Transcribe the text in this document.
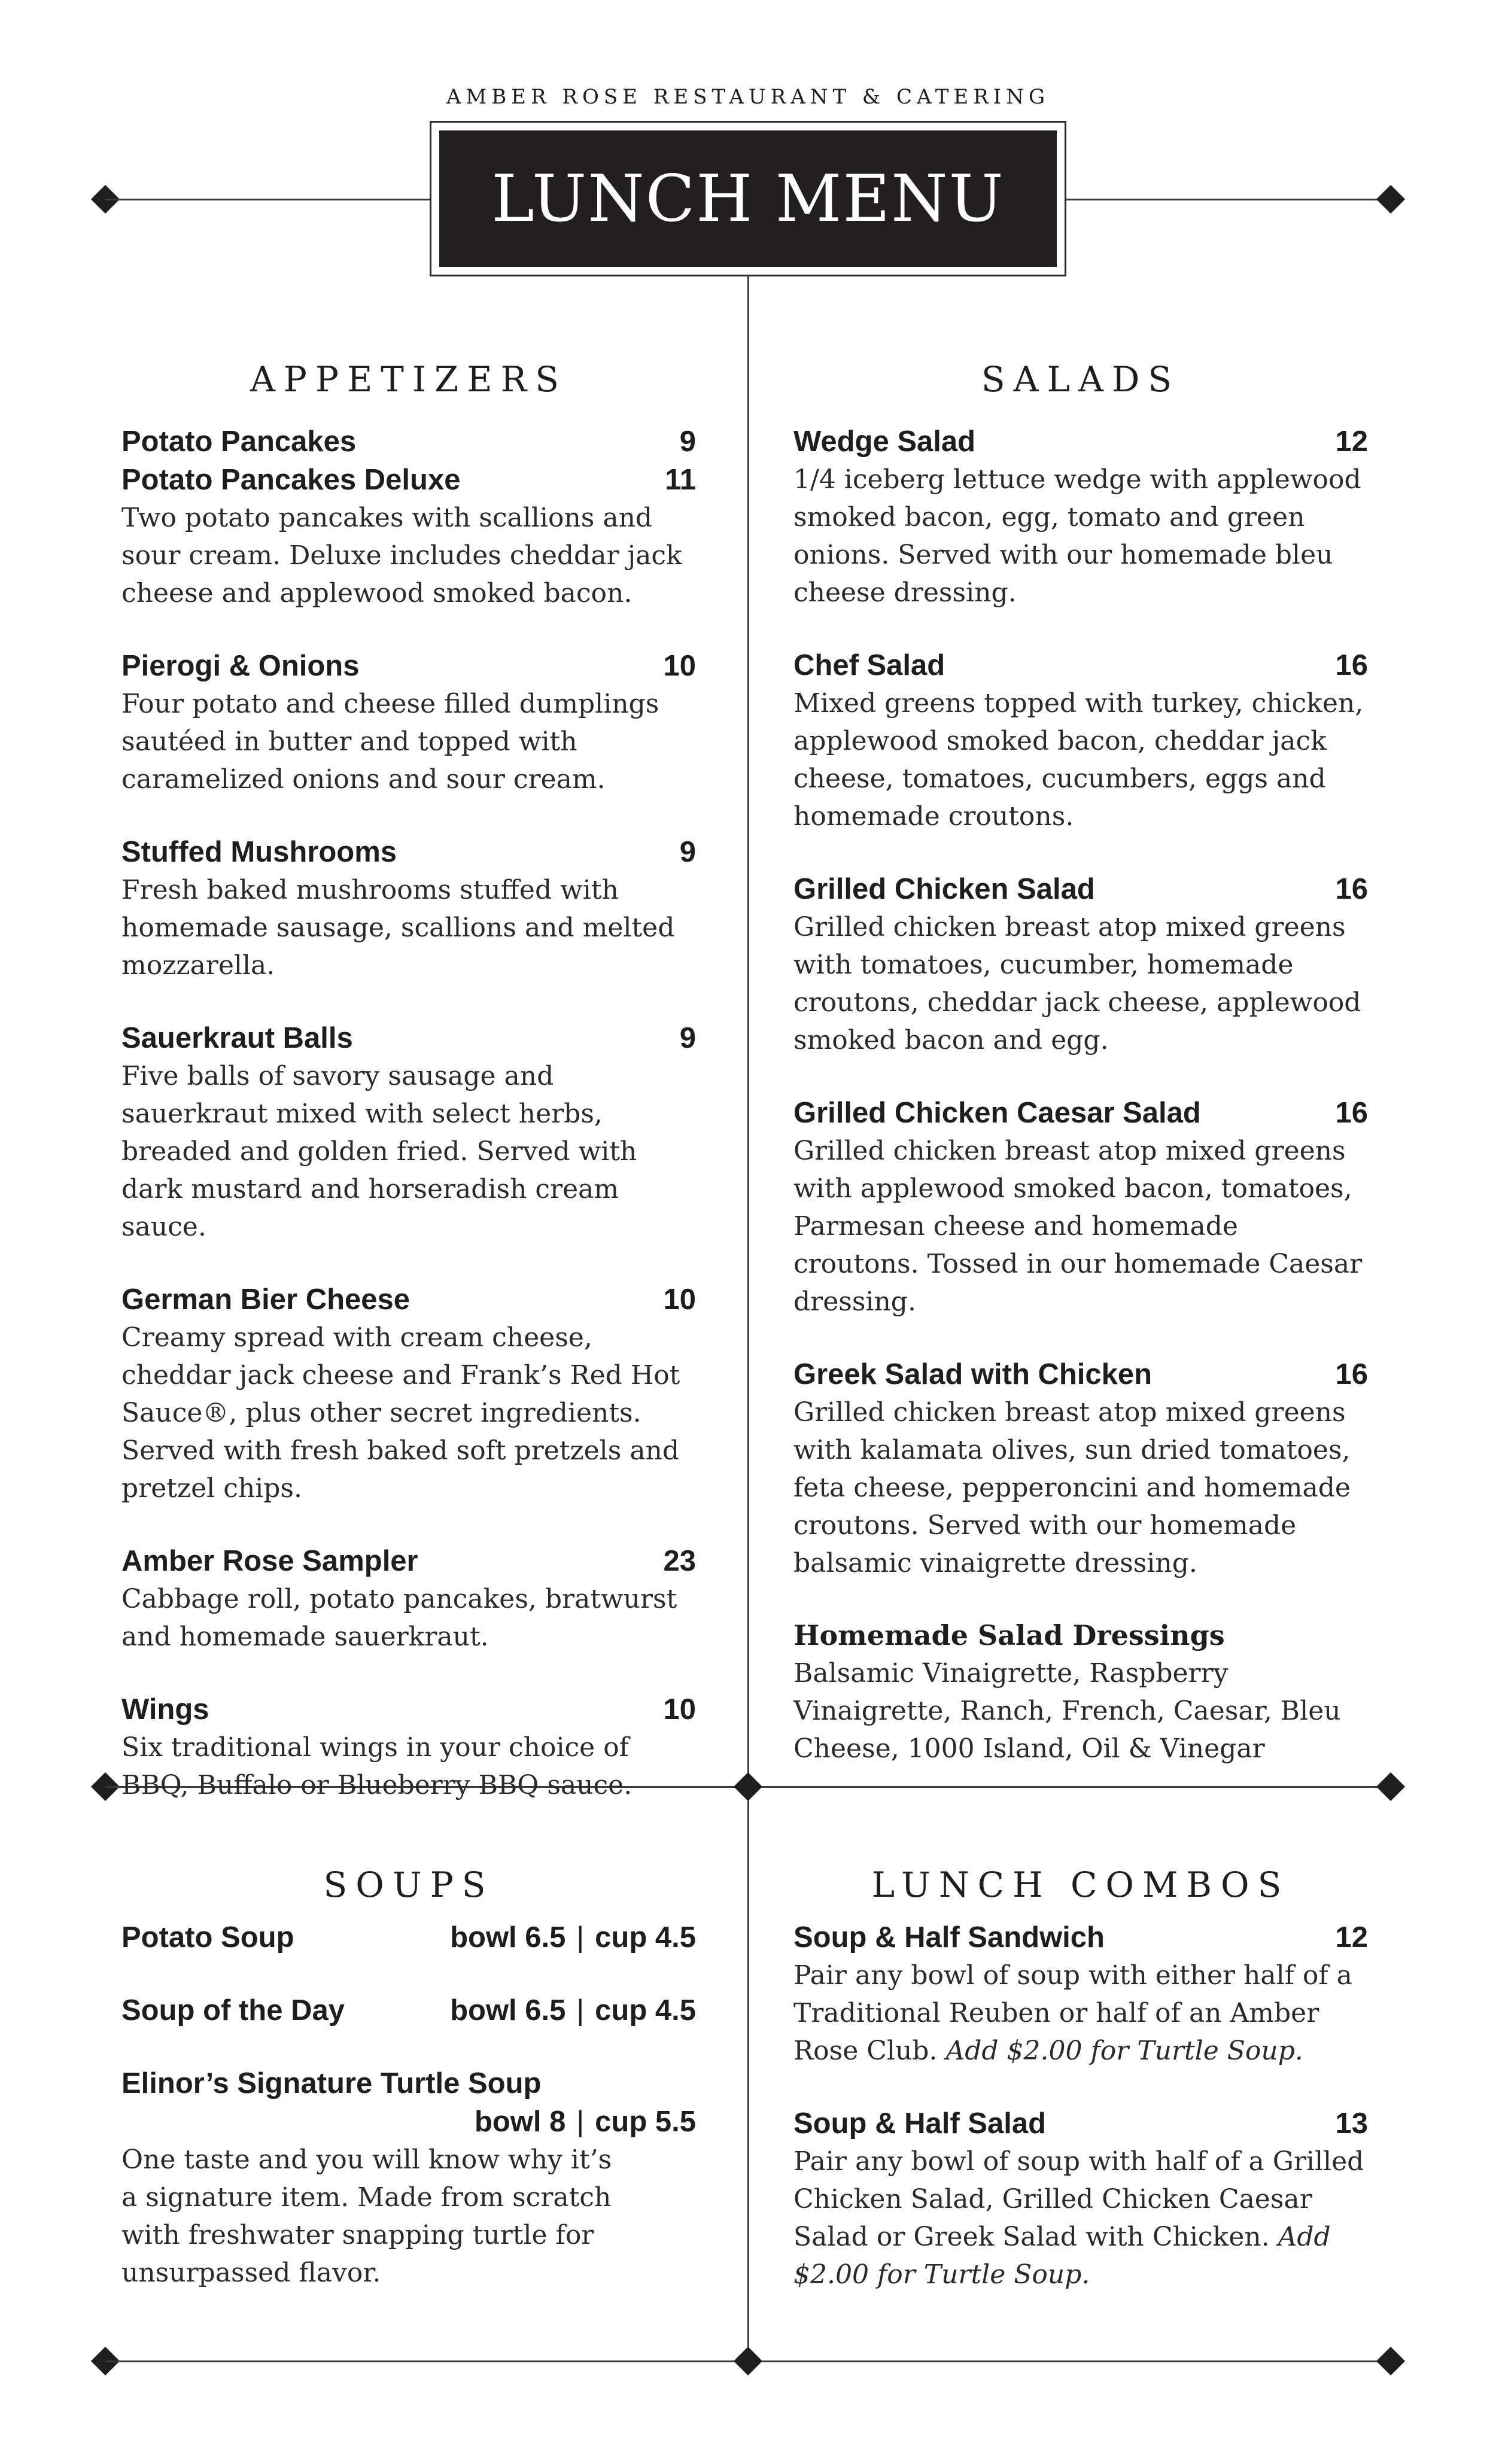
AMBER ROSE RESTAURANT & CATERING
LUNCH MENU
APPETIZERS
Potato Pancakes	9
Potato Pancakes Deluxe	11
Two potato pancakes with scallions and sour cream. Deluxe includes cheddar jack cheese and applewood smoked bacon.
Pierogi & Onions	10
Four potato and cheese filled dumplings sautéed in butter and topped with caramelized onions and sour cream.
Stuffed Mushrooms	9
Fresh baked mushrooms stuffed with homemade sausage, scallions and melted mozzarella.
Sauerkraut Balls	9
Five balls of savory sausage and sauerkraut mixed with select herbs, breaded and golden fried. Served with dark mustard and horseradish cream sauce.
German Bier Cheese	10
Creamy spread with cream cheese, cheddar jack cheese and Frank’s Red Hot Sauce®, plus other secret ingredients. Served with fresh baked soft pretzels and pretzel chips.
Amber Rose Sampler	23
Cabbage roll, potato pancakes, bratwurst and homemade sauerkraut.
Wings	10
Six traditional wings in your choice of BBQ, Buffalo or Blueberry BBQ sauce.
SALADS
Wedge Salad	12
1/4 iceberg lettuce wedge with applewood smoked bacon, egg, tomato and green onions. Served with our homemade bleu cheese dressing.
Chef Salad	16
Mixed greens topped with turkey, chicken, applewood smoked bacon, cheddar jack cheese, tomatoes, cucumbers, eggs and homemade croutons.
Grilled Chicken Salad	16
Grilled chicken breast atop mixed greens with tomatoes, cucumber, homemade croutons, cheddar jack cheese, applewood smoked bacon and egg.
Grilled Chicken Caesar Salad	16
Grilled chicken breast atop mixed greens with applewood smoked bacon, tomatoes, Parmesan cheese and homemade croutons. Tossed in our homemade Caesar dressing.
Greek Salad with Chicken	16
Grilled chicken breast atop mixed greens with kalamata olives, sun dried tomatoes, feta cheese, pepperoncini and homemade croutons. Served with our homemade balsamic vinaigrette dressing.
Homemade Salad Dressings
Balsamic Vinaigrette, Raspberry Vinaigrette, Ranch, French, Caesar, Bleu Cheese, 1000 Island, Oil & Vinegar
SOUPS
Potato Soup	bowl 6.5 | cup 4.5
Soup of the Day	bowl 6.5 | cup 4.5
Elinor’s Signature Turtle Soup
bowl 8 | cup 5.5
One taste and you will know why it’s a signature item. Made from scratch with freshwater snapping turtle for unsurpassed flavor.
LUNCH COMBOS
Soup & Half Sandwich	12
Pair any bowl of soup with either half of a Traditional Reuben or half of an Amber Rose Club. Add $2.00 for Turtle Soup.
Soup & Half Salad	13
Pair any bowl of soup with half of a Grilled Chicken Salad, Grilled Chicken Caesar Salad or Greek Salad with Chicken. Add $2.00 for Turtle Soup.
